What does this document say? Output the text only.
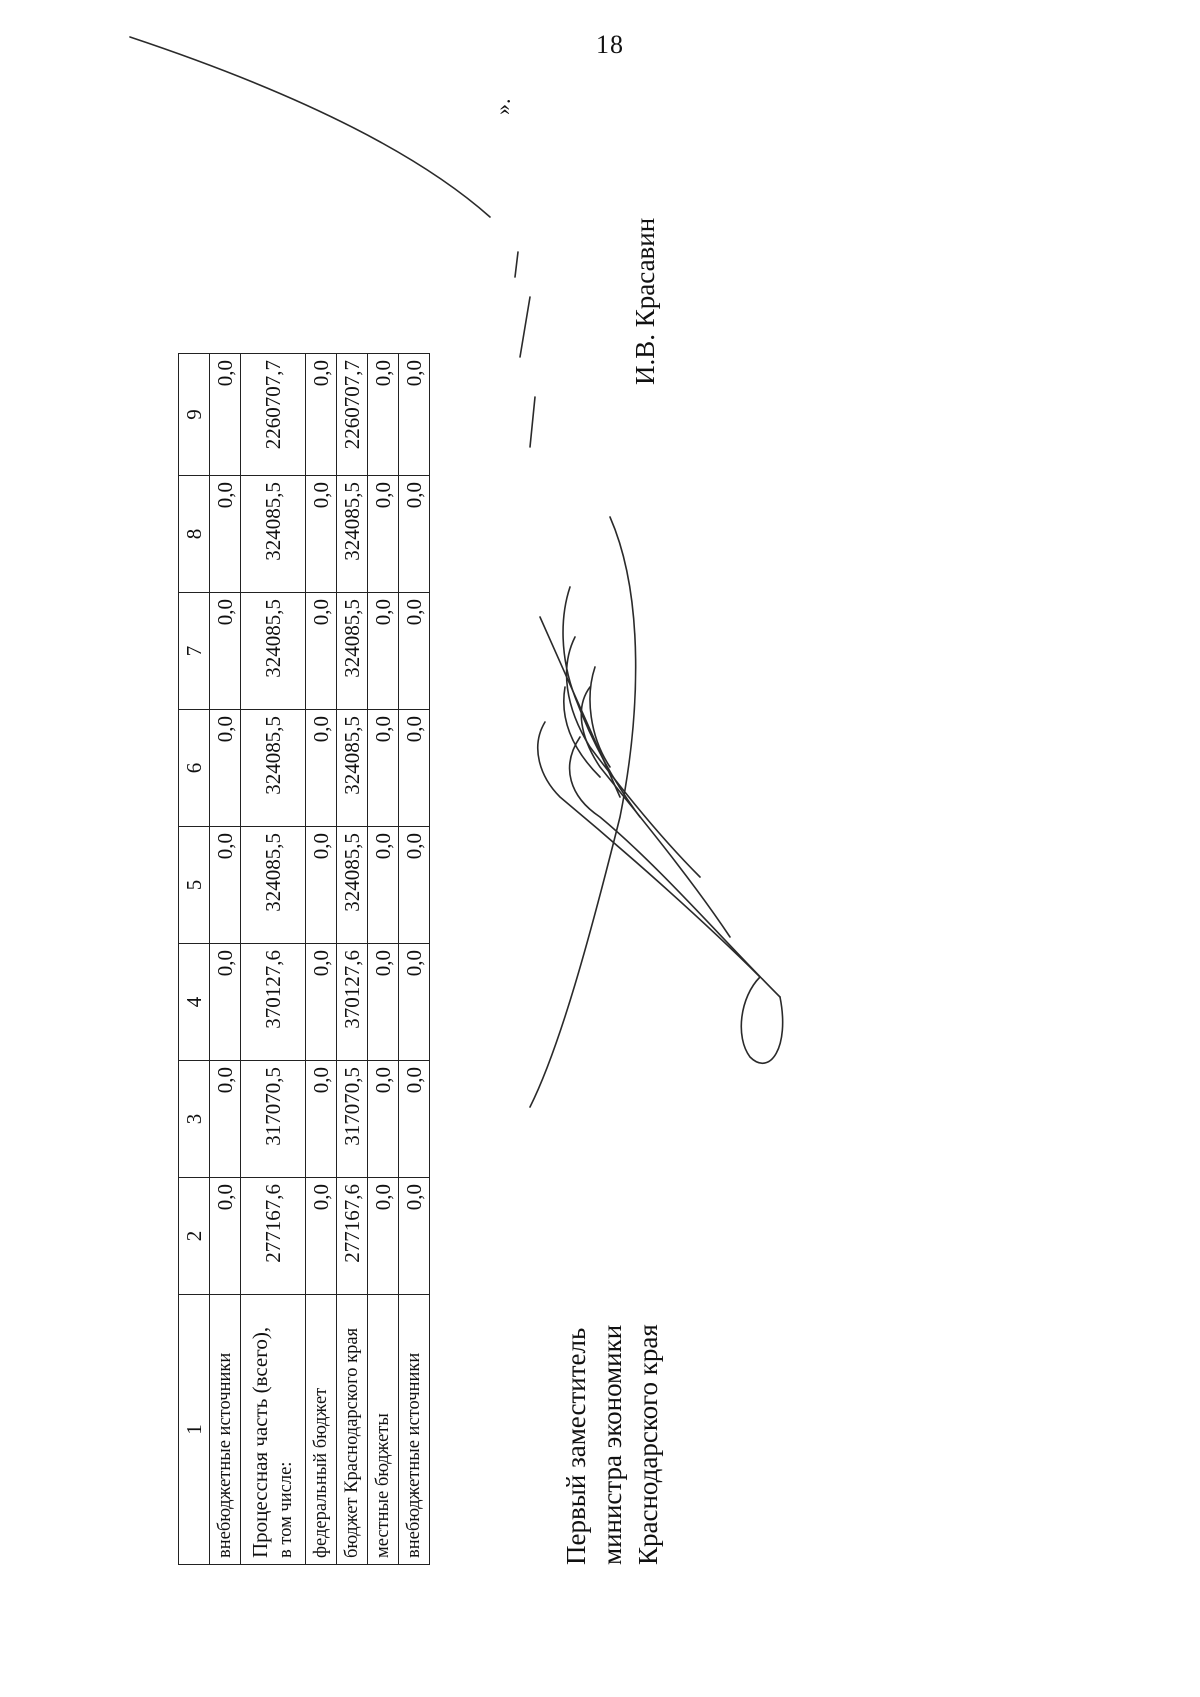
18
1	2	3	4	5	6	7	8	9
внебюджетные источники	0,0	0,0	0,0	0,0	0,0	0,0	0,0	0,0

Процессная часть (всего), в том числе:	277167,6	317070,5	370127,6	324085,5	324085,5	324085,5	324085,5	2260707,7
федеральный бюджет	0,0	0,0	0,0	0,0	0,0	0,0	0,0	0,0
бюджет Краснодарского края	277167,6	317070,5	370127,6	324085,5	324085,5	324085,5	324085,5	2260707,7
местные бюджеты	0,0	0,0	0,0	0,0	0,0	0,0	0,0	0,0
внебюджетные источники	0,0	0,0	0,0	0,0	0,0	0,0	0,0	0,0
».
Первый заместитель министра экономики Краснодарского края
И.В. Красавин
